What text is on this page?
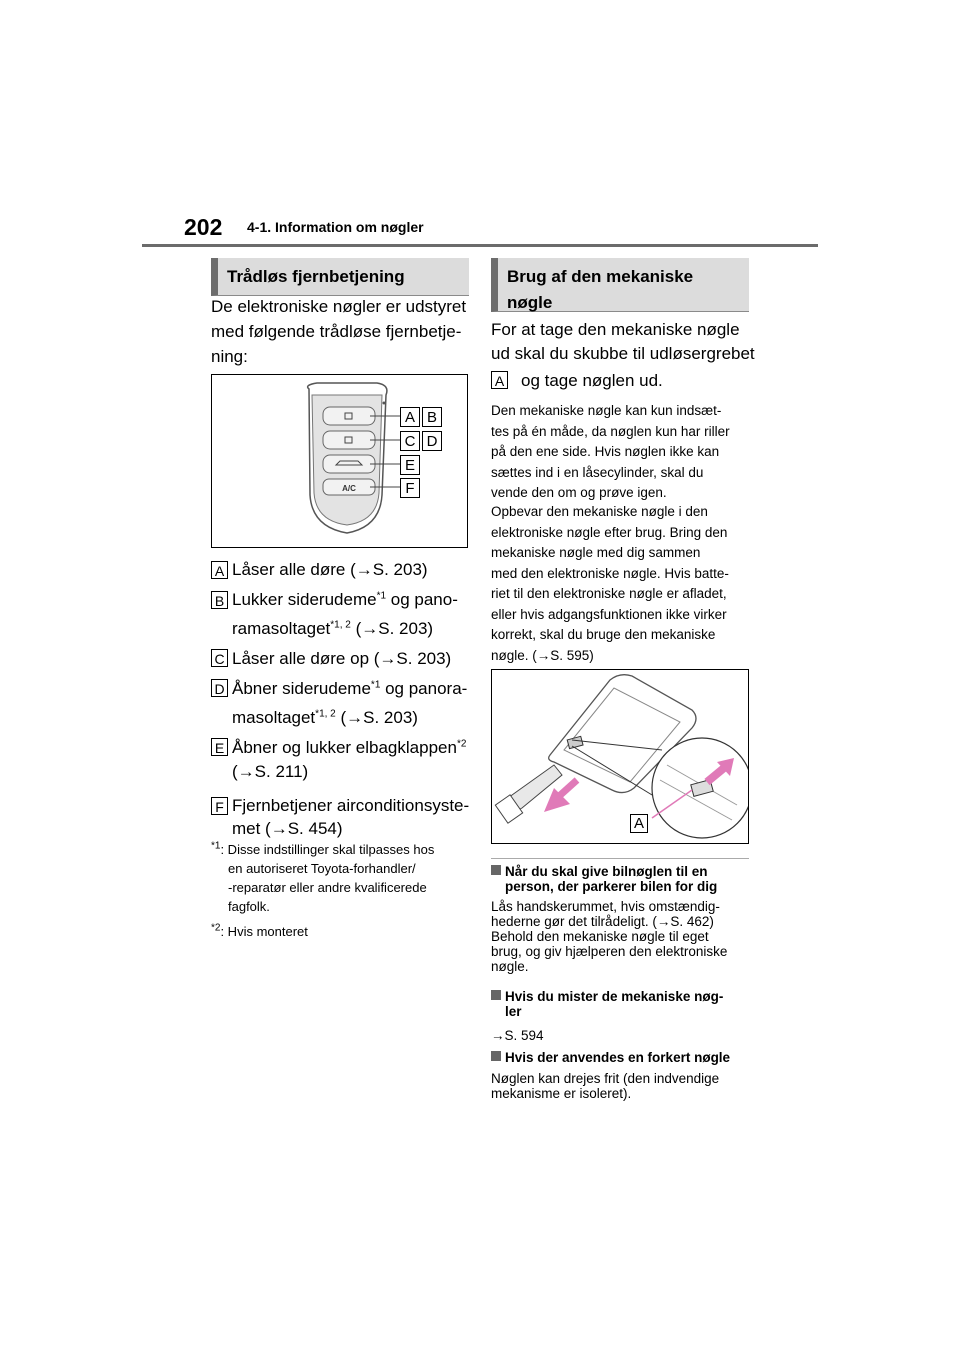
202 4-1. Information om nøgler
Trådløs fjernbetjening
De elektroniske nøgler er udstyret
med følgende trådløse fjernbetje-
ning:
A/C
A B
C D
E
F
A Låser alle døre (→S. 203)
B Lukker siderudeme$^{*1}$ og pano-
ramasoltaget$^{*1, 2}$ (→S. 203)
C Låser alle døre op (→S. 203)
D Åbner siderudeme$^{*1}$ og panora-
masoltaget$^{*1, 2}$ (→S. 203)
E Åbner og lukker elbagklappen$^{*2}$
(→S. 211)
F Fjernbetjener airconditionsyste-
met (→S. 454)
$^{*1}$: Disse indstillinger skal tilpasses hos
en autoriseret Toyota-forhandler/
-reparatør eller andre kvalificerede
fagfolk.
$^{*2}$: Hvis monteret
Brug af den mekaniske
nøgle
For at tage den mekaniske nøgle
ud skal du skubbe til udløsergrebet
A og tage nøglen ud.
Den mekaniske nøgle kan kun indsæt-
tes på én måde, da nøglen kun har riller
på den ene side. Hvis nøglen ikke kan
sættes ind i en låsecylinder, skal du
vende den om og prøve igen.
Opbevar den mekaniske nøgle i den
elektroniske nøgle efter brug. Bring den
mekaniske nøgle med dig sammen
med den elektroniske nøgle. Hvis batte-
riet til den elektroniske nøgle er afladet,
eller hvis adgangsfunktionen ikke virker
korrekt, skal du bruge den mekaniske
nøgle. (→S. 595)
A
Når du skal give bilnøglen til en
person, der parkerer bilen for dig
Lås handskerummet, hvis omstændig-
hederne gør det tilrådeligt. (→S. 462)
Behold den mekaniske nøgle til eget
brug, og giv hjælperen den elektroniske
nøgle.
Hvis du mister de mekaniske nøg-
ler
→S. 594
Hvis der anvendes en forkert nøgle
Nøglen kan drejes frit (den indvendige
mekanisme er isoleret).
